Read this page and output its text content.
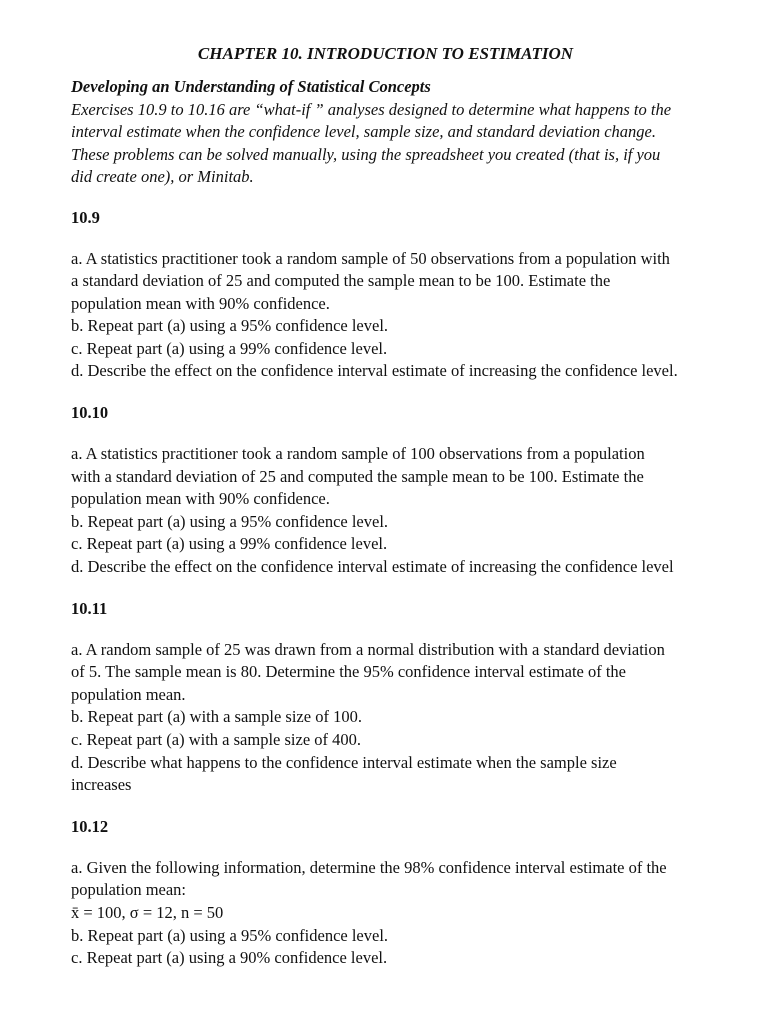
CHAPTER 10. INTRODUCTION TO ESTIMATION
Developing an Understanding of Statistical Concepts
Exercises 10.9 to 10.16 are “what-if ” analyses designed to determine what happens to the
interval estimate when the confidence level, sample size, and standard deviation change.
These problems can be solved manually, using the spreadsheet you created (that is, if you
did create one), or Minitab.
10.9
a. A statistics practitioner took a random sample of 50 observations from a population with
a standard deviation of 25 and computed the sample mean to be 100. Estimate the
population mean with 90% confidence.
b. Repeat part (a) using a 95% confidence level.
c. Repeat part (a) using a 99% confidence level.
d. Describe the effect on the confidence interval estimate of increasing the confidence level.
10.10
a. A statistics practitioner took a random sample of 100 observations from a population
with a standard deviation of 25 and computed the sample mean to be 100. Estimate the
population mean with 90% confidence.
b. Repeat part (a) using a 95% confidence level.
c. Repeat part (a) using a 99% confidence level.
d. Describe the effect on the confidence interval estimate of increasing the confidence level
10.11
a. A random sample of 25 was drawn from a normal distribution with a standard deviation
of 5. The sample mean is 80. Determine the 95% confidence interval estimate of the
population mean.
b. Repeat part (a) with a sample size of 100.
c. Repeat part (a) with a sample size of 400.
d. Describe what happens to the confidence interval estimate when the sample size
increases
10.12
a. Given the following information, determine the 98% confidence interval estimate of the
population mean:
x̄ = 100, σ = 12, n = 50
b. Repeat part (a) using a 95% confidence level.
c. Repeat part (a) using a 90% confidence level.
